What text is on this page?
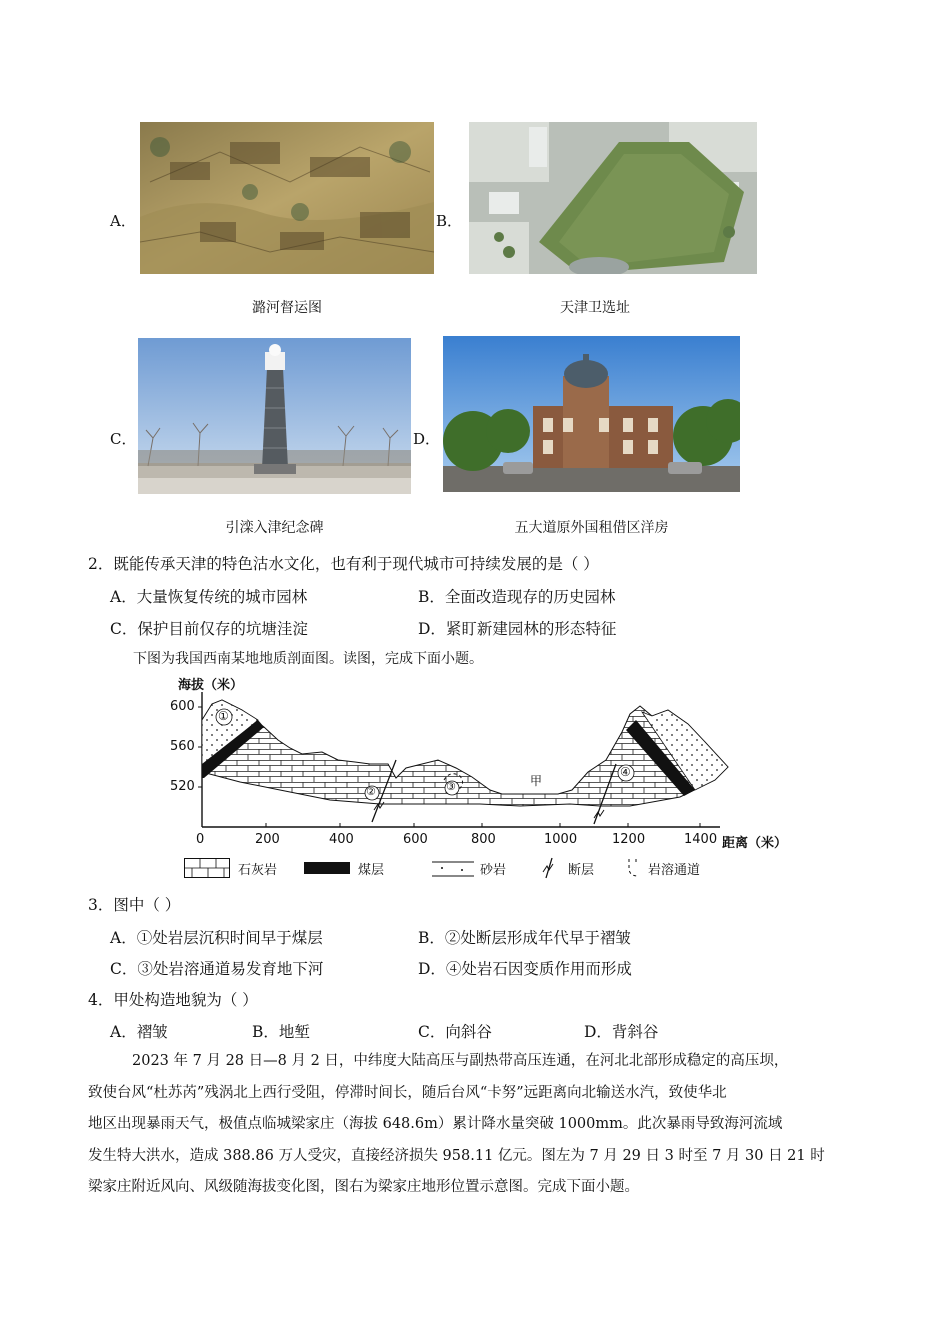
A．
潞河督运图
B．
天津卫选址
C．
引滦入津纪念碑
D．
五大道原外国租借区洋房
2．既能传承天津的特色沽水文化，也有利于现代城市可持续发展的是（ ）
A．大量恢复传统的城市园林	B．全面改造现存的历史园林
C．保护目前仅存的坑塘洼淀	D．紧盯新建园林的形态特征
下图为我国西南某地地质剖面图。读图，完成下面小题。
海拔（米）
600
560
520
0	200	400	600	800	1000	1200	1400 距离（米）
①
②	③
④
甲
石灰岩	煤层	砂岩	断层	岩溶通道
3．图中（ ）
A．①处岩层沉积时间早于煤层	B．②处断层形成年代早于褶皱
C．③处岩溶通道易发育地下河	D．④处岩石因变质作用而形成
4．甲处构造地貌为（ ）
A．褶皱	B．地堑	C．向斜谷	D．背斜谷
2023 年 7 月 28 日—8 月 2 日，中纬度大陆高压与副热带高压连通，在河北北部形成稳定的高压坝，
致使台风“杜苏芮”残涡北上西行受阻，停滞时间长，随后台风“卡努”远距离向北输送水汽，致使华北
地区出现暴雨天气，极值点临城梁家庄（海拔 648.6m）累计降水量突破 1000mm。此次暴雨导致海河流域
发生特大洪水，造成 388.86 万人受灾，直接经济损失 958.11 亿元。图左为 7 月 29 日 3 时至 7 月 30 日 21 时
梁家庄附近风向、风级随海拔变化图，图右为梁家庄地形位置示意图。完成下面小题。
